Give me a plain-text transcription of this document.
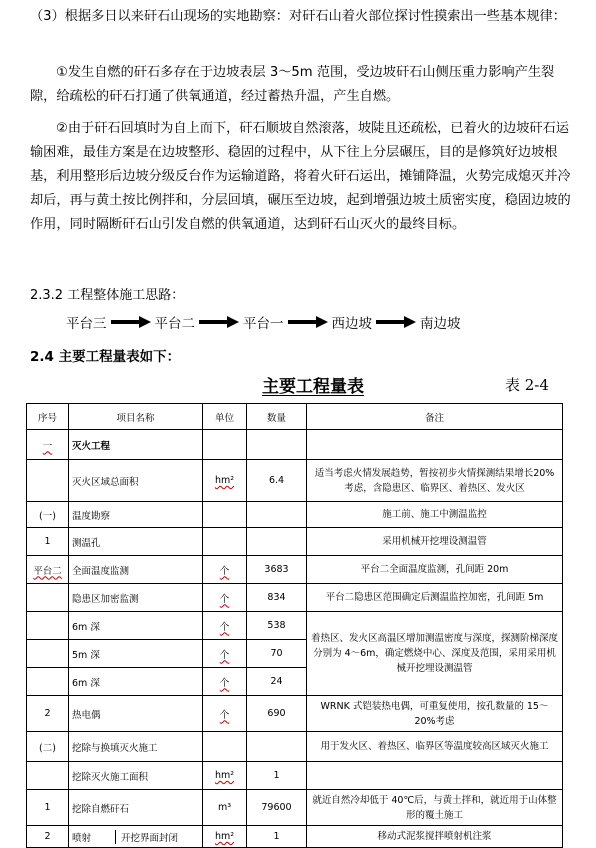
（3）根据多日以来矸石山现场的实地勘察：对矸石山着火部位探讨性摸索出一些基本规律：
①发生自燃的矸石多存在于边坡表层 3～5m 范围，受边坡矸石山侧压重力影响产生裂隙，给疏松的矸石打通了供氧通道，经过蓄热升温，产生自燃。
②由于矸石回填时为自上而下，矸石顺坡自然滚落，坡陡且还疏松，已着火的边坡矸石运输困难，最佳方案是在边坡整形、稳固的过程中，从下往上分层碾压，目的是修筑好边坡根基，利用整形后边坡分级反台作为运输道路，将着火矸石运出，摊铺降温，火势完成熄灭并冷却后，再与黄土按比例拌和，分层回填，碾压至边坡，起到增强边坡土质密实度，稳固边坡的作用，同时隔断矸石山引发自燃的供氧通道，达到矸石山灭火的最终目标。
2.3.2 工程整体施工思路：
平台三	平台二	平台一	西边坡	南边坡
2.4 主要工程量表如下：
主要工程量表	表 2-4
序号	项目名称	单位	数量	备注
一	灭火工程			
	灭火区域总面积	hm²	6.4	适当考虑火情发展趋势，暂按初步火情探测结果增长20%考虑，含隐患区、临界区、着热区、发火区
(一)	温度勘察			施工前、施工中测温监控
1	测温孔			采用机械开挖埋设测温管
平台二	全面温度监测	个	3683	平台二全面温度监测，孔间距 20m
	隐患区加密监测	个	834	平台二隐患区范围确定后测温监控加密，孔间距 5m
	6m 深	个	538	着热区、发火区高温区增加测温密度与深度，探测阶梯深度分别为 4～6m，确定燃烧中心、深度及范围，采用采用机械开挖埋设测温管
	5m 深	个	70	
	6m 深	个	24	
2	热电偶	个	690	WRNK 式铠装热电偶，可重复使用，按孔数量的 15～20%考虑
(二)	挖除与换填灭火施工			用于发火区、着热区、临界区等温度较高区域灭火施工
	挖除灭火施工面积	hm²	1	
1	挖除自燃矸石	m³	79600	就近自然冷却低于 40℃后，与黄土拌和，就近用于山体整形的覆土施工
2	喷射 开挖界面封闭	hm²	1	移动式泥浆搅拌喷射机注浆
